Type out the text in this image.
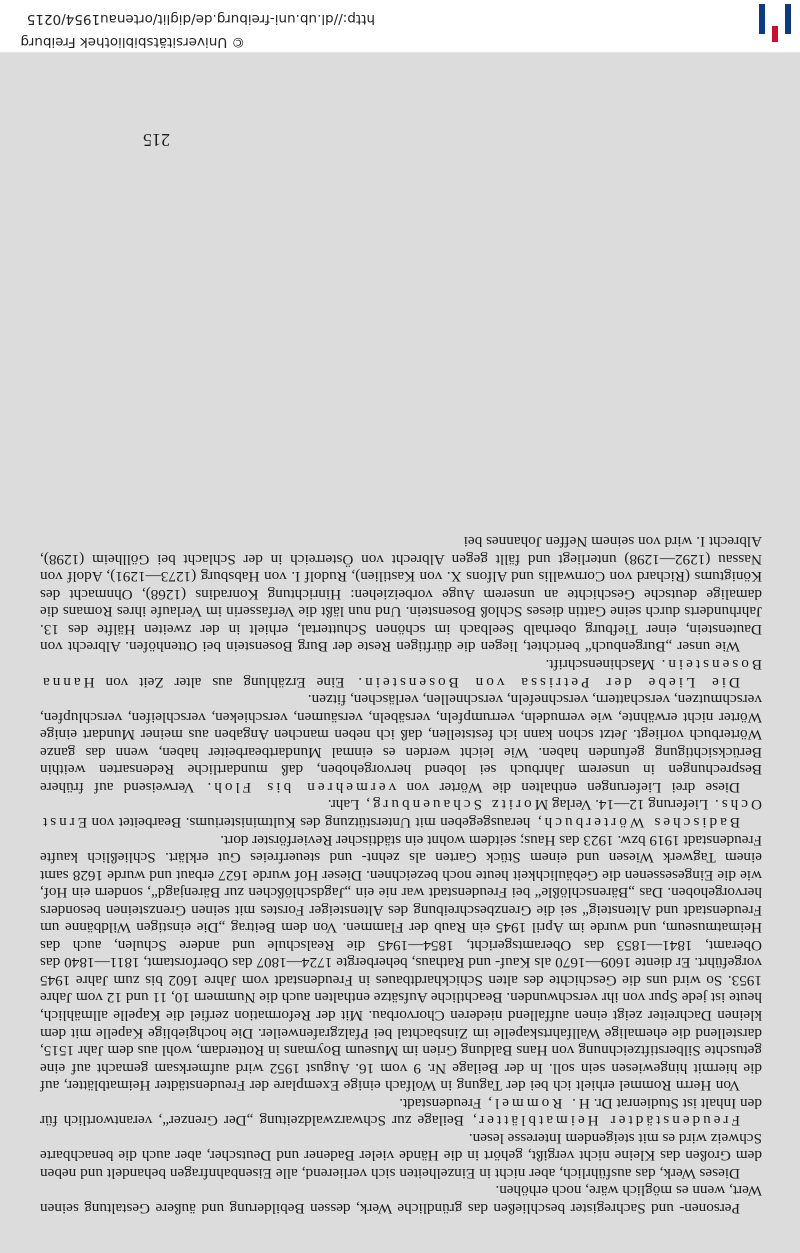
Personen- und Sachregister beschließen das gründliche Werk, dessen Bebilderung und äußere Gestaltung seinen Wert, wenn es möglich wäre, noch erhöhen.

Dieses Werk, das ausführlich, aber nicht in Einzelheiten sich verlierend, alle Eisenbahnfragen behandelt und neben dem Großen das Kleine nicht vergißt, gehört in die Hände vieler Badener und Deutscher, aber auch die benachbarte Schweiz wird es mit steigendem Interesse lesen.

Freudenstädter Heimatblätter, Beilage zur Schwarzwaldzeitung „Der Grenzer“, verantwortlich für den Inhalt ist Studienrat Dr. H. Rommel, Freudenstadt.

Von Herrn Rommel erhielt ich bei der Tagung in Wolfach einige Exemplare der Freudenstädter Heimatblätter, auf die hiermit hingewiesen sein soll. In der Beilage Nr. 9 vom 16. August 1952 wird aufmerksam gemacht auf eine getuschte Silberstiftzeichnung von Hans Baldung Grien im Museum Boymans in Rotterdam, wohl aus dem Jahr 1515, darstellend die ehemalige Wallfahrtskapelle im Zinsbachtal bei Pfalzgrafenweiler. Die hochgieblige Kapelle mit dem kleinen Dachreiter zeigt einen auffallend niederen Chorvorbau. Mit der Reformation zerfiel die Kapelle allmählich, heute ist jede Spur von ihr verschwunden. Beachtliche Aufsätze enthalten auch die Nummern 10, 11 und 12 vom Jahre 1953. So wird uns die Geschichte des alten Schickhardtbaues in Freudenstadt vom Jahre 1602 bis zum Jahre 1945 vorgeführt. Er diente 1609—1670 als Kauf- und Rathaus, beherbergte 1724—1807 das Oberforstamt, 1811—1840 das Oberamt, 1841—1853 das Oberamtsgericht, 1854—1945 die Realschule und andere Schulen, auch das Heimatmuseum, und wurde im April 1945 ein Raub der Flammen. Von dem Beitrag „Die einstigen Wildbänne um Freudenstadt und Altensteig“ sei die Grenzbeschreibung des Altensteiger Forstes mit seinen Grenzsteinen besonders hervorgehoben. Das „Bärenschlößle“ bei Freudenstadt war nie ein „Jagdschlößchen zur Bärenjagd“, sondern ein Hof, wie die Eingesessenen die Gebäulichkeit heute noch bezeichnen. Dieser Hof wurde 1627 erbaut und wurde 1628 samt einem Tagwerk Wiesen und einem Stück Garten als zehnt- und steuerfreies Gut erklärt. Schließlich kaufte Freudenstadt 1919 bzw. 1923 das Haus; seitdem wohnt ein städtischer Revierförster dort.

Badisches Wörterbuch, herausgegeben mit Unterstützung des Kultministeriums. Bearbeitet von Ernst Ochs. Lieferung 12—14. Verlag Moritz Schauenburg, Lahr.

Diese drei Lieferungen enthalten die Wörter von vermehren bis Floh. Verweisend auf frühere Besprechungen in unserem Jahrbuch sei lobend hervorgehoben, daß mundartliche Redensarten weithin Berücksichtigung gefunden haben. Wie leicht werden es einmal Mundartbearbeiter haben, wenn das ganze Wörterbuch vorliegt. Jetzt schon kann ich feststellen, daß ich neben manchen Angaben aus meiner Mundart einige Wörter nicht erwähnte, wie vernudeln, verrumpfeln, versäbeln, versäumen, verschieken, verschleifen, verschlupfen, verschmutzen, verschattern, verschnefeln, verschnellen, verläschen, fitzen.

Die Liebe der Petrissa von Bosenstein. Eine Erzählung aus alter Zeit von Hanna Bosenstein. Maschinenschrift.

Wie unser „Burgenbuch“ berichtet, liegen die dürftigen Reste der Burg Bosenstein bei Ottenhöfen. Albrecht von Dautenstein, einer Tiefburg oberhalb Seelbach im schönen Schuttertal, erhielt in der zweiten Hälfte des 13. Jahrhunderts durch seine Gattin dieses Schloß Bosenstein. Und nun läßt die Verfasserin im Verlaufe ihres Romans die damalige deutsche Geschichte an unserem Auge vorbeiziehen: Hinrichtung Konradins (1268), Ohnmacht des Königtums (Richard von Cornwallis und Alfons X. von Kastilien), Rudolf I. von Habsburg (1273—1291), Adolf von Nassau (1292—1298) unterliegt und fällt gegen Albrecht von Österreich in der Schlacht bei Göllheim (1298), Albrecht I. wird von seinem Neffen Johannes bei

215
© Universitätsbibliothek Freiburg
http://dl.ub.uni-freiburg.de/diglit/ortenau1954/0215
